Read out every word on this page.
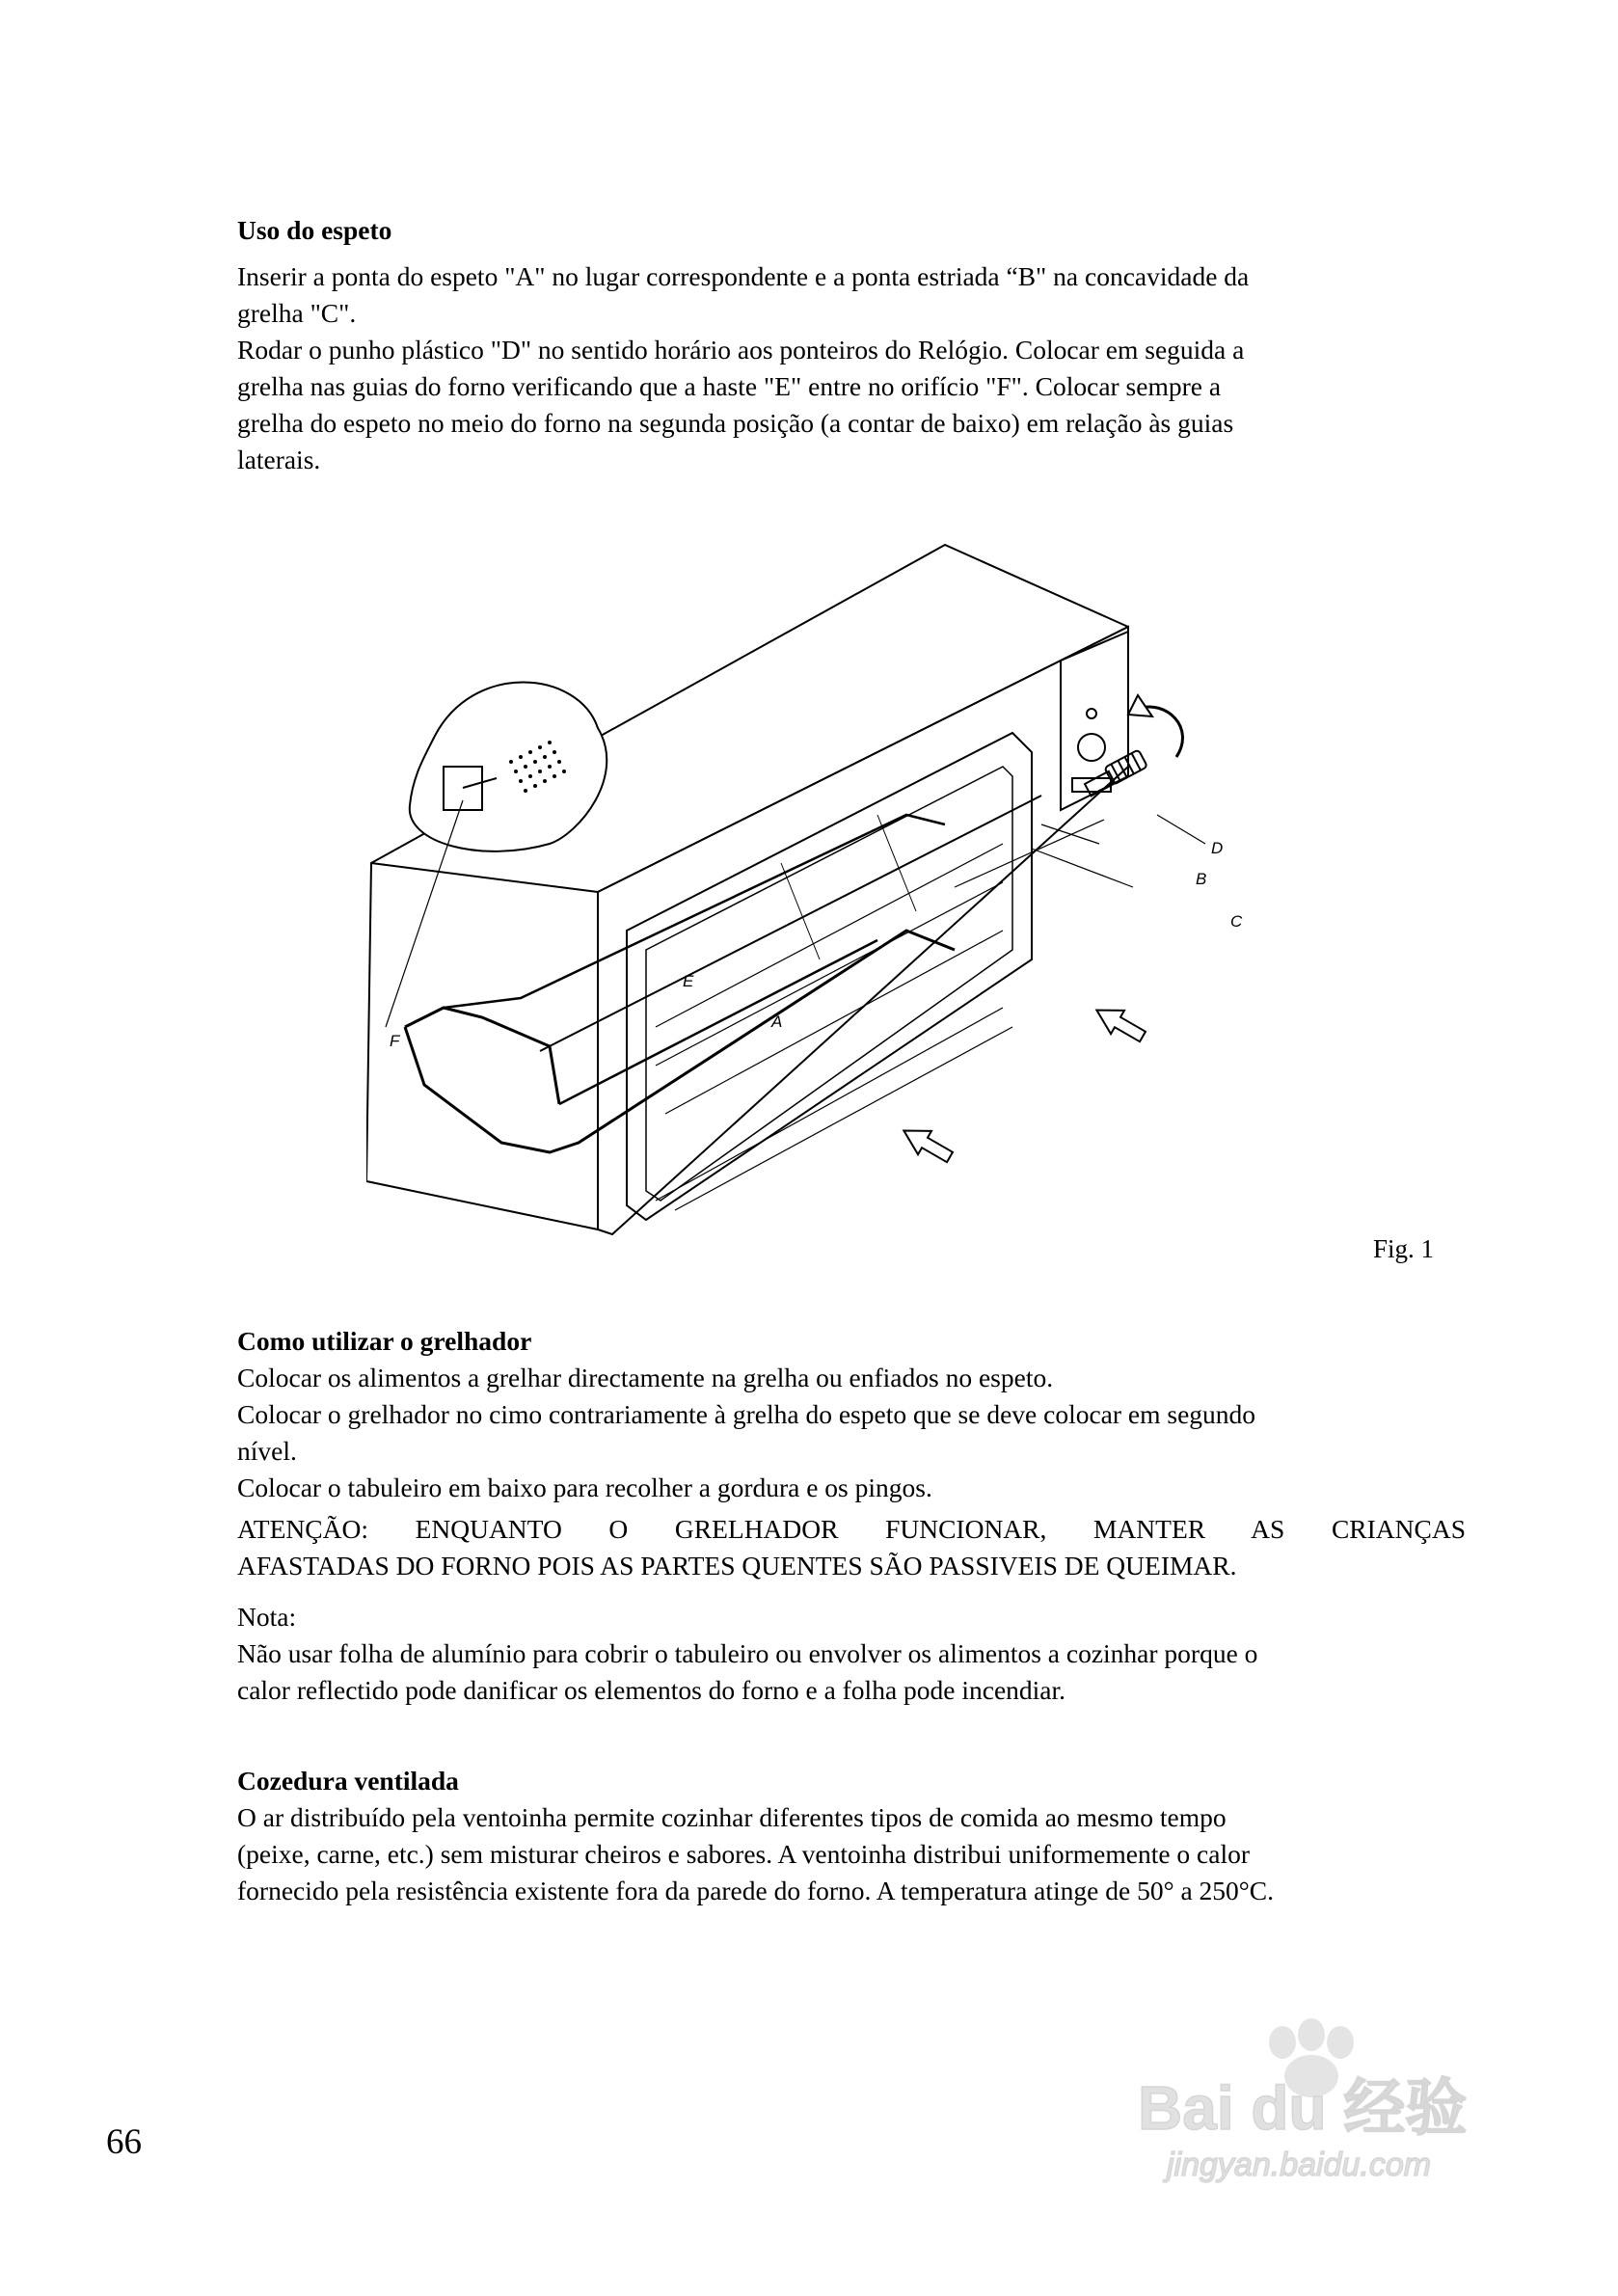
Uso do espeto

Inserir a ponta do espeto "A" no lugar correspondente e a ponta estriada “B" na concavidade da

grelha "C".

Rodar o punho plástico "D" no sentido horário aos ponteiros do Relógio. Colocar em seguida a

grelha nas guias do forno verificando que a haste "E" entre no orifício "F". Colocar sempre a

grelha do espeto no meio do forno na segunda posição (a contar de baixo) em relação às guias

laterais.

F
E
A
D
B
C
Fig. 1

Como utilizar o grelhador

Colocar os alimentos a grelhar directamente na grelha ou enfiados no espeto.

Colocar o grelhador no cimo contrariamente à grelha do espeto que se deve colocar em segundo

nível.

Colocar o tabuleiro em baixo para recolher a gordura e os pingos.

ATENÇÃO: ENQUANTO O GRELHADOR FUNCIONAR, MANTER AS CRIANÇAS

AFASTADAS DO FORNO POIS AS PARTES QUENTES SÃO PASSIVEIS DE QUEIMAR.

Nota:

Não usar folha de alumínio para cobrir o tabuleiro ou envolver os alimentos a cozinhar porque o

calor reflectido pode danificar os elementos do forno e a folha pode incendiar.

Cozedura ventilada

O ar distribuído pela ventoinha permite cozinhar diferentes tipos de comida ao mesmo tempo

(peixe, carne, etc.) sem misturar cheiros e sabores. A ventoinha distribui uniformemente o calor

fornecido pela resistência existente fora da parede do forno. A temperatura atinge de 50° a 250°C.

66	Bai du 经验
jingyan.baidu.com
